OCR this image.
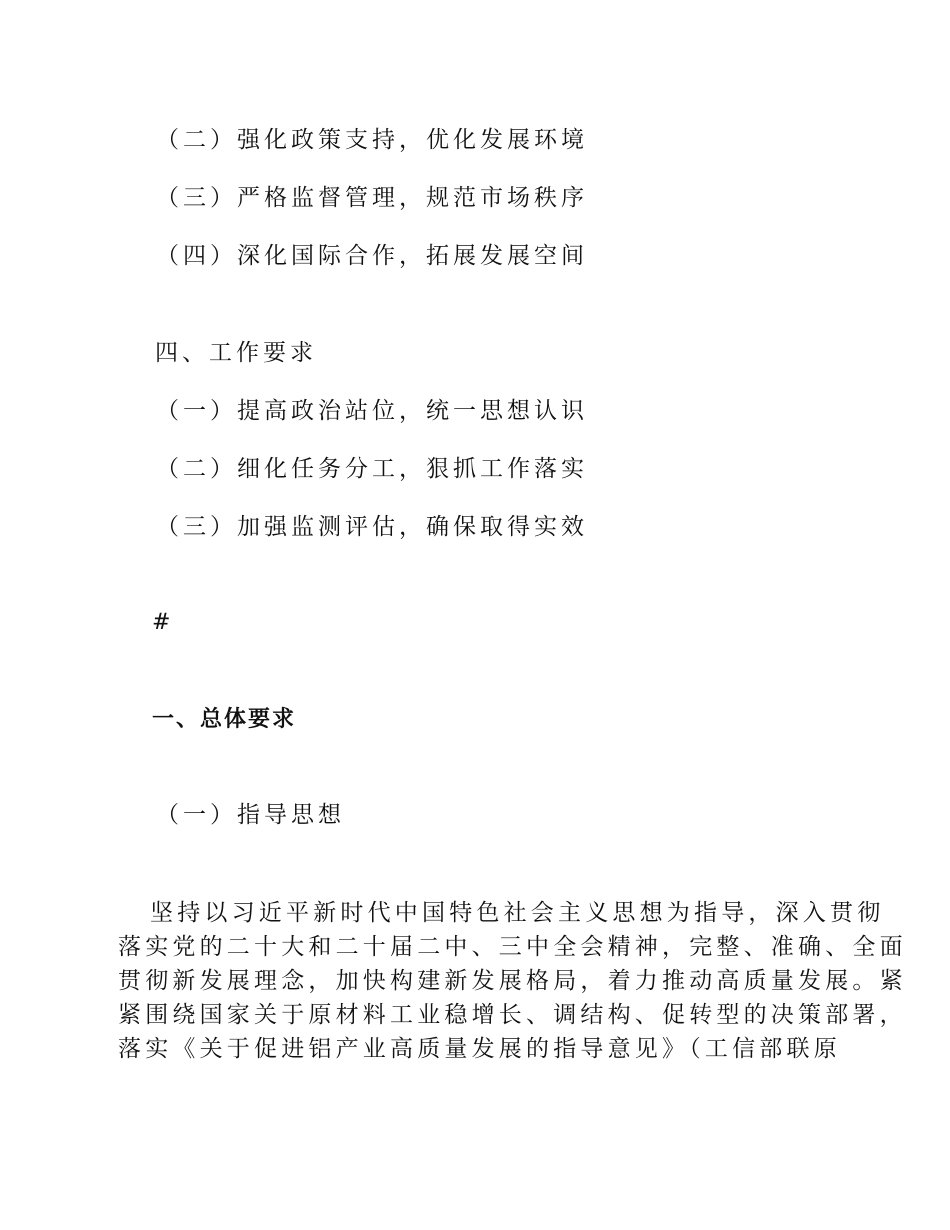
（二）强化政策支持，优化发展环境

（三）严格监督管理，规范市场秩序

（四）深化国际合作，拓展发展空间

四、工作要求

（一）提高政治站位，统一思想认识

（二）细化任务分工，狠抓工作落实

（三）加强监测评估，确保取得实效

#

一、总体要求

（一）指导思想

坚持以习近平新时代中国特色社会主义思想为指导，深入贯彻
落实党的二十大和二十届二中、三中全会精神，完整、准确、全面
贯彻新发展理念，加快构建新发展格局，着力推动高质量发展。紧
紧围绕国家关于原材料工业稳增长、调结构、促转型的决策部署，
落实《关于促进铝产业高质量发展的指导意见》（工信部联原
